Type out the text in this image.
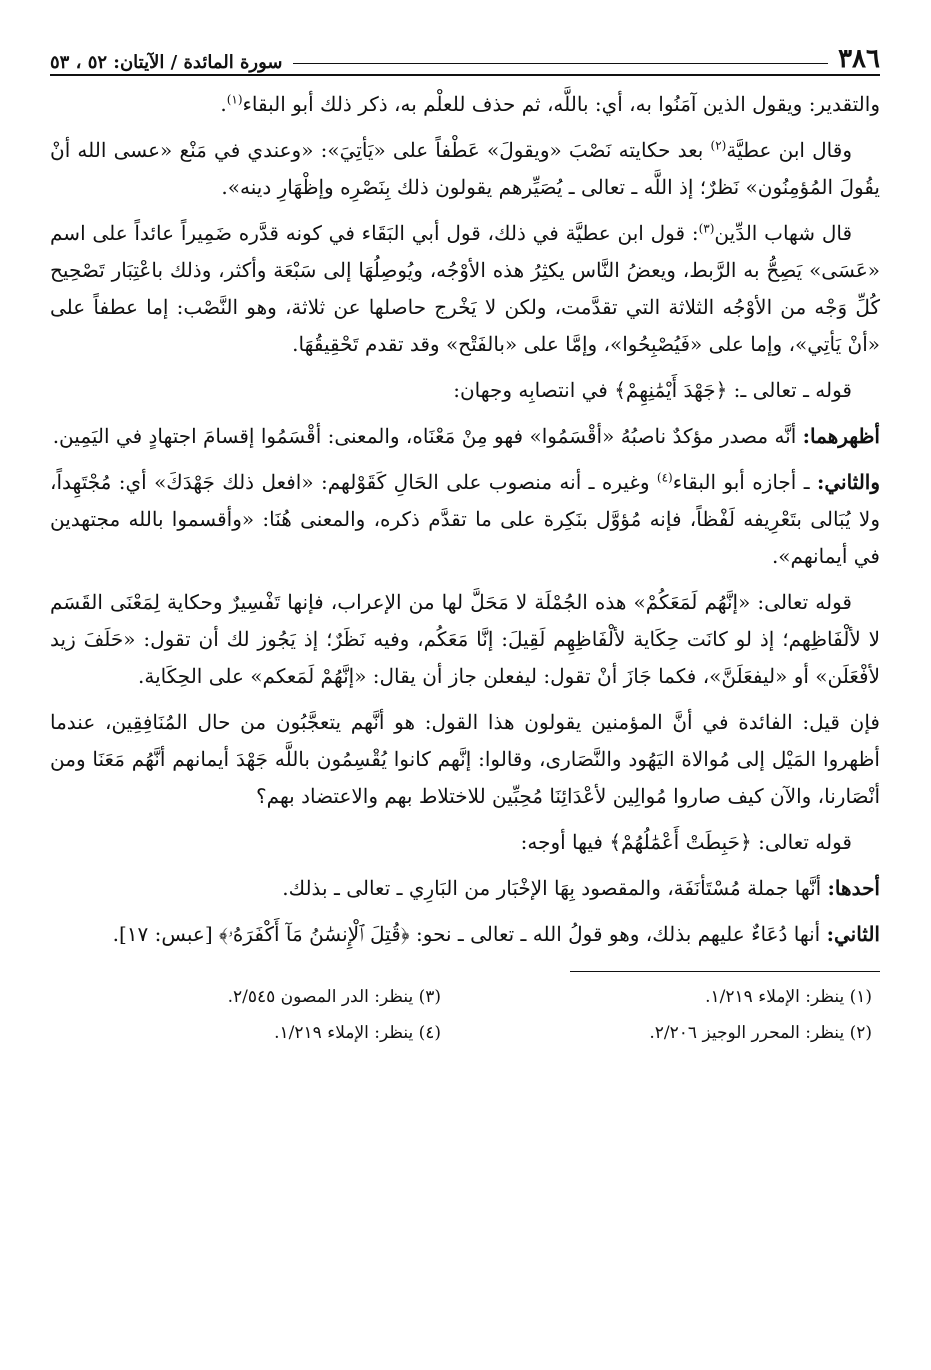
٣٨٦
سورة المائدة / الآيتان: ٥٢ ، ٥٣

والتقدير: ويقول الذين آمَنُوا به، أي: باللَّه، ثم حذف للعلْم به، ذكر ذلك أبو البقاء$^{(١)}$.

وقال ابن عطيَّة$^{(٢)}$ بعد حكايته نَصْبَ «ويقولَ» عَطْفاً على «يَأتِيَ»: «وعندي في مَنْع «عسى الله أنْ يقُولَ المُؤمِنُون» نَظرٌ؛ إذ اللَّه ـ تعالى ـ يُصَيِّرهم يقولون ذلك بِنَصْرِه وإظْهَارِ دينه».

قال شهاب الدِّين$^{(٣)}$: قول ابن عطيَّة في ذلك، قول أبي البَقَاء في كونه قدَّره ضَمِيراً عائداً على اسم «عَسَى» يَصِحُّ به الرَّبط، ويعضُ النَّاس يكثِرُ هذه الأوْجُه، ويُوصِلُهَا إلى سَبْعَة وأكثر، وذلك باعْتِبَار تَصْحِيح كُلِّ وَجْه من الأوْجُه الثلاثة التي تقدَّمت، ولكن لا يَخْرج حاصلها عن ثلاثة، وهو النَّصْب: إما عطفاً على «أنْ يَأتِي»، وإما على «فَيُصْبِحُوا»، وإمَّا على «بالفَتْح» وقد تقدم تَحْقِيقُهَا.

قوله ـ تعالى ـ: ﴿جَهْدَ أَيْمَٰنِهِمْ﴾ في انتصابِه وجهان:

أظهرهما: أنَّه مصدر مؤكدٌ ناصبُهُ «أقْسَمُوا» فهو مِنْ مَعْنَاه، والمعنى: أقْسَمُوا إقسامَ اجتهادٍ في اليَمِين.

والثاني: ـ أجازه أبو البقاء$^{(٤)}$ وغيره ـ أنه منصوب على الحَالِ كَقَوْلهم: «افعل ذلك جَهْدَكَ» أي: مُجْتَهِداً، ولا يُبَالى بتَعْرِيفه لَفْظاً، فإنه مُؤوَّل بنَكِرة على ما تقدَّم ذكره، والمعنى هُنَا: «وأقسموا بالله مجتهدين في أيمانهم».

قوله تعالى: «إنَّهُم لَمَعَكُمْ» هذه الجُمْلَة لا مَحَلَّ لها من الإعراب، فإنها تَفْسِيرٌ وحكاية لِمَعْنَى القَسَم لا لألْفَاظِهم؛ إذ لو كانَت حِكَاية لألْفَاظِهِم لَقِيلَ: إنَّا مَعَكُم، وفيه نَظَرٌ؛ إذ يَجُوز لك أن تقول: «حَلَفَ زيد لأفْعَلَن» أو «ليفعَلَنَّ»، فكما جَازَ أنْ تقول: ليفعلن جاز أن يقال: «إنَّهُمْ لَمَعكم» على الحِكَاية.

فإن قيل: الفائدة في أنَّ المؤمنين يقولون هذا القول: هو أنَّهم يتعجَّبُون من حال المُنَافِقِين، عندما أظهروا المَيْل إلى مُوالاة اليَهُود والنَّصَارى، وقالوا: إنَّهم كانوا يُقْسِمُون باللَّه جَهْدَ أيمانهم أنَّهُم مَعَنَا ومن أنْصَارنا، والآن كيف صاروا مُوالِين لأعْدَائِنَا مُحِبِّين للاختلاط بهم والاعتضاد بهم؟

قوله تعالى: ﴿حَبِطَتْ أَعْمَٰلُهُمْ﴾ فيها أوجه:

أحدها: أنَّها جملة مُسْتَأنَفَة، والمقصود بِهَا الإخْبَار من البَارِي ـ تعالى ـ بذلك.

الثاني: أنها دُعَاءٌ عليهم بذلك، وهو قولُ الله ـ تعالى ـ نحو: ﴿قُتِلَ ٱلْإِنسَٰنُ مَآ أَكْفَرَهُۥ﴾ [عبس: ١٧].

(١) ينظر: الإملاء ١/٢١٩.
(٣) ينظر: الدر المصون ٢/٥٤٥.
(٢) ينظر: المحرر الوجيز ٢/٢٠٦.
(٤) ينظر: الإملاء ١/٢١٩.
